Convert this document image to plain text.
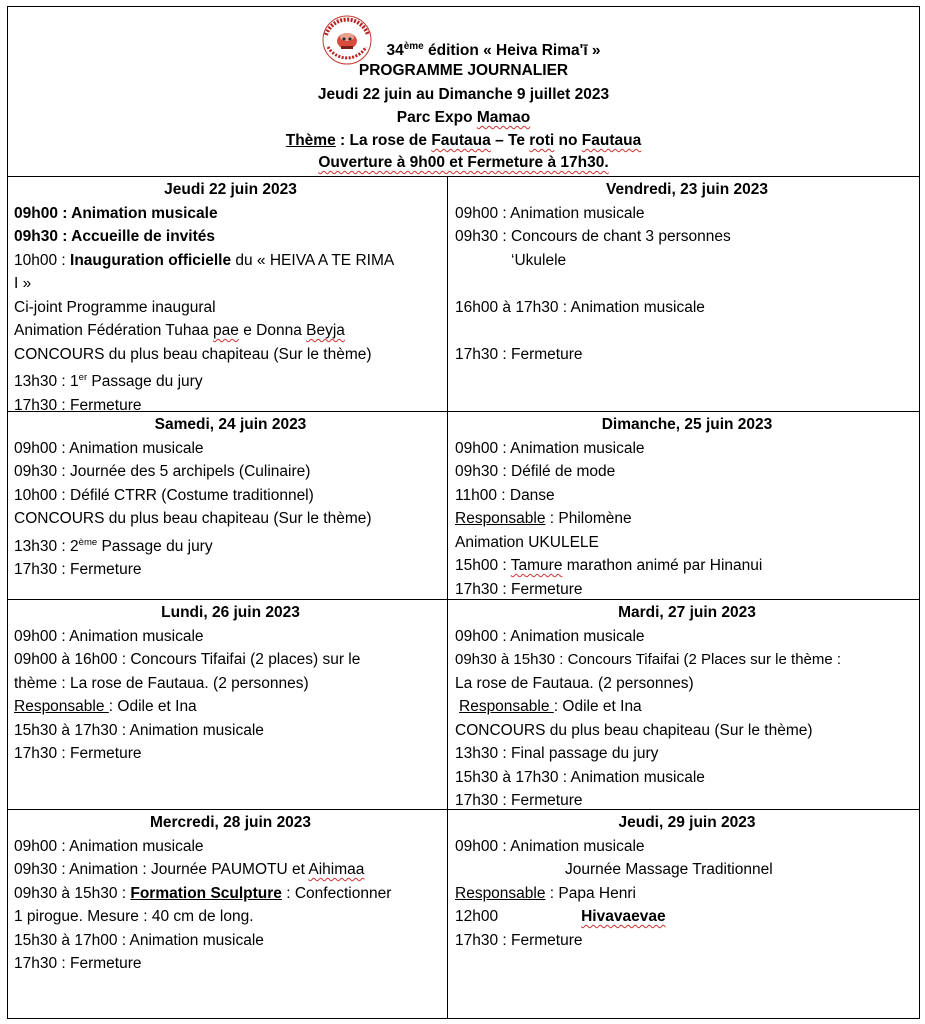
34ème édition « Heiva Rima'ī »
PROGRAMME JOURNALIER
Jeudi 22 juin au Dimanche 9 juillet 2023
Parc Expo Mamao
Thème : La rose de Fautaua – Te roti no Fautaua
Ouverture à 9h00 et Fermeture à 17h30.
Jeudi 22 juin 2023
09h00 : Animation musicale
09h30 : Accueille de invités
10h00 : Inauguration officielle du « HEIVA A TE RIMA
I »
Ci-joint Programme inaugural
Animation Fédération Tuhaa pae e Donna Beyja
CONCOURS du plus beau chapiteau (Sur le thème)
13h30 : 1er Passage du jury
17h30 : Fermeture
Vendredi, 23 juin 2023
09h00 : Animation musicale
09h30 : Concours de chant 3 personnes
‘Ukulele

16h00 à 17h30 : Animation musicale

17h30 : Fermeture
Samedi, 24 juin 2023
09h00 : Animation musicale
09h30 : Journée des 5 archipels (Culinaire)
10h00 : Défilé CTRR (Costume traditionnel)
CONCOURS du plus beau chapiteau (Sur le thème)
13h30 : 2ème Passage du jury
17h30 : Fermeture
Dimanche, 25 juin 2023
09h00 : Animation musicale
09h30 : Défilé de mode
11h00 : Danse
Responsable : Philomène
Animation UKULELE
15h00 : Tamure marathon animé par Hinanui
17h30 : Fermeture
Lundi, 26 juin 2023
09h00 : Animation musicale
09h00 à 16h00 : Concours Tifaifai (2 places) sur le
thème : La rose de Fautaua. (2 personnes)
Responsable : Odile et Ina
15h30 à 17h30 : Animation musicale
17h30 : Fermeture
Mardi, 27 juin 2023
09h00 : Animation musicale
09h30 à 15h30 : Concours Tifaifai (2 Places sur le thème :
La rose de Fautaua. (2 personnes)
Responsable : Odile et Ina
CONCOURS du plus beau chapiteau (Sur le thème)
13h30 : Final passage du jury
15h30 à 17h30 : Animation musicale
17h30 : Fermeture
Mercredi, 28 juin 2023
09h00 : Animation musicale
09h30 : Animation : Journée PAUMOTU et Aihimaa
09h30 à 15h30 : Formation Sculpture : Confectionner
1 pirogue. Mesure : 40 cm de long.
15h30 à 17h00 : Animation musicale
17h30 : Fermeture
Jeudi, 29 juin 2023
09h00 : Animation musicale
Journée Massage Traditionnel
Responsable : Papa Henri
12h00	Hivavaevae
17h30 : Fermeture
